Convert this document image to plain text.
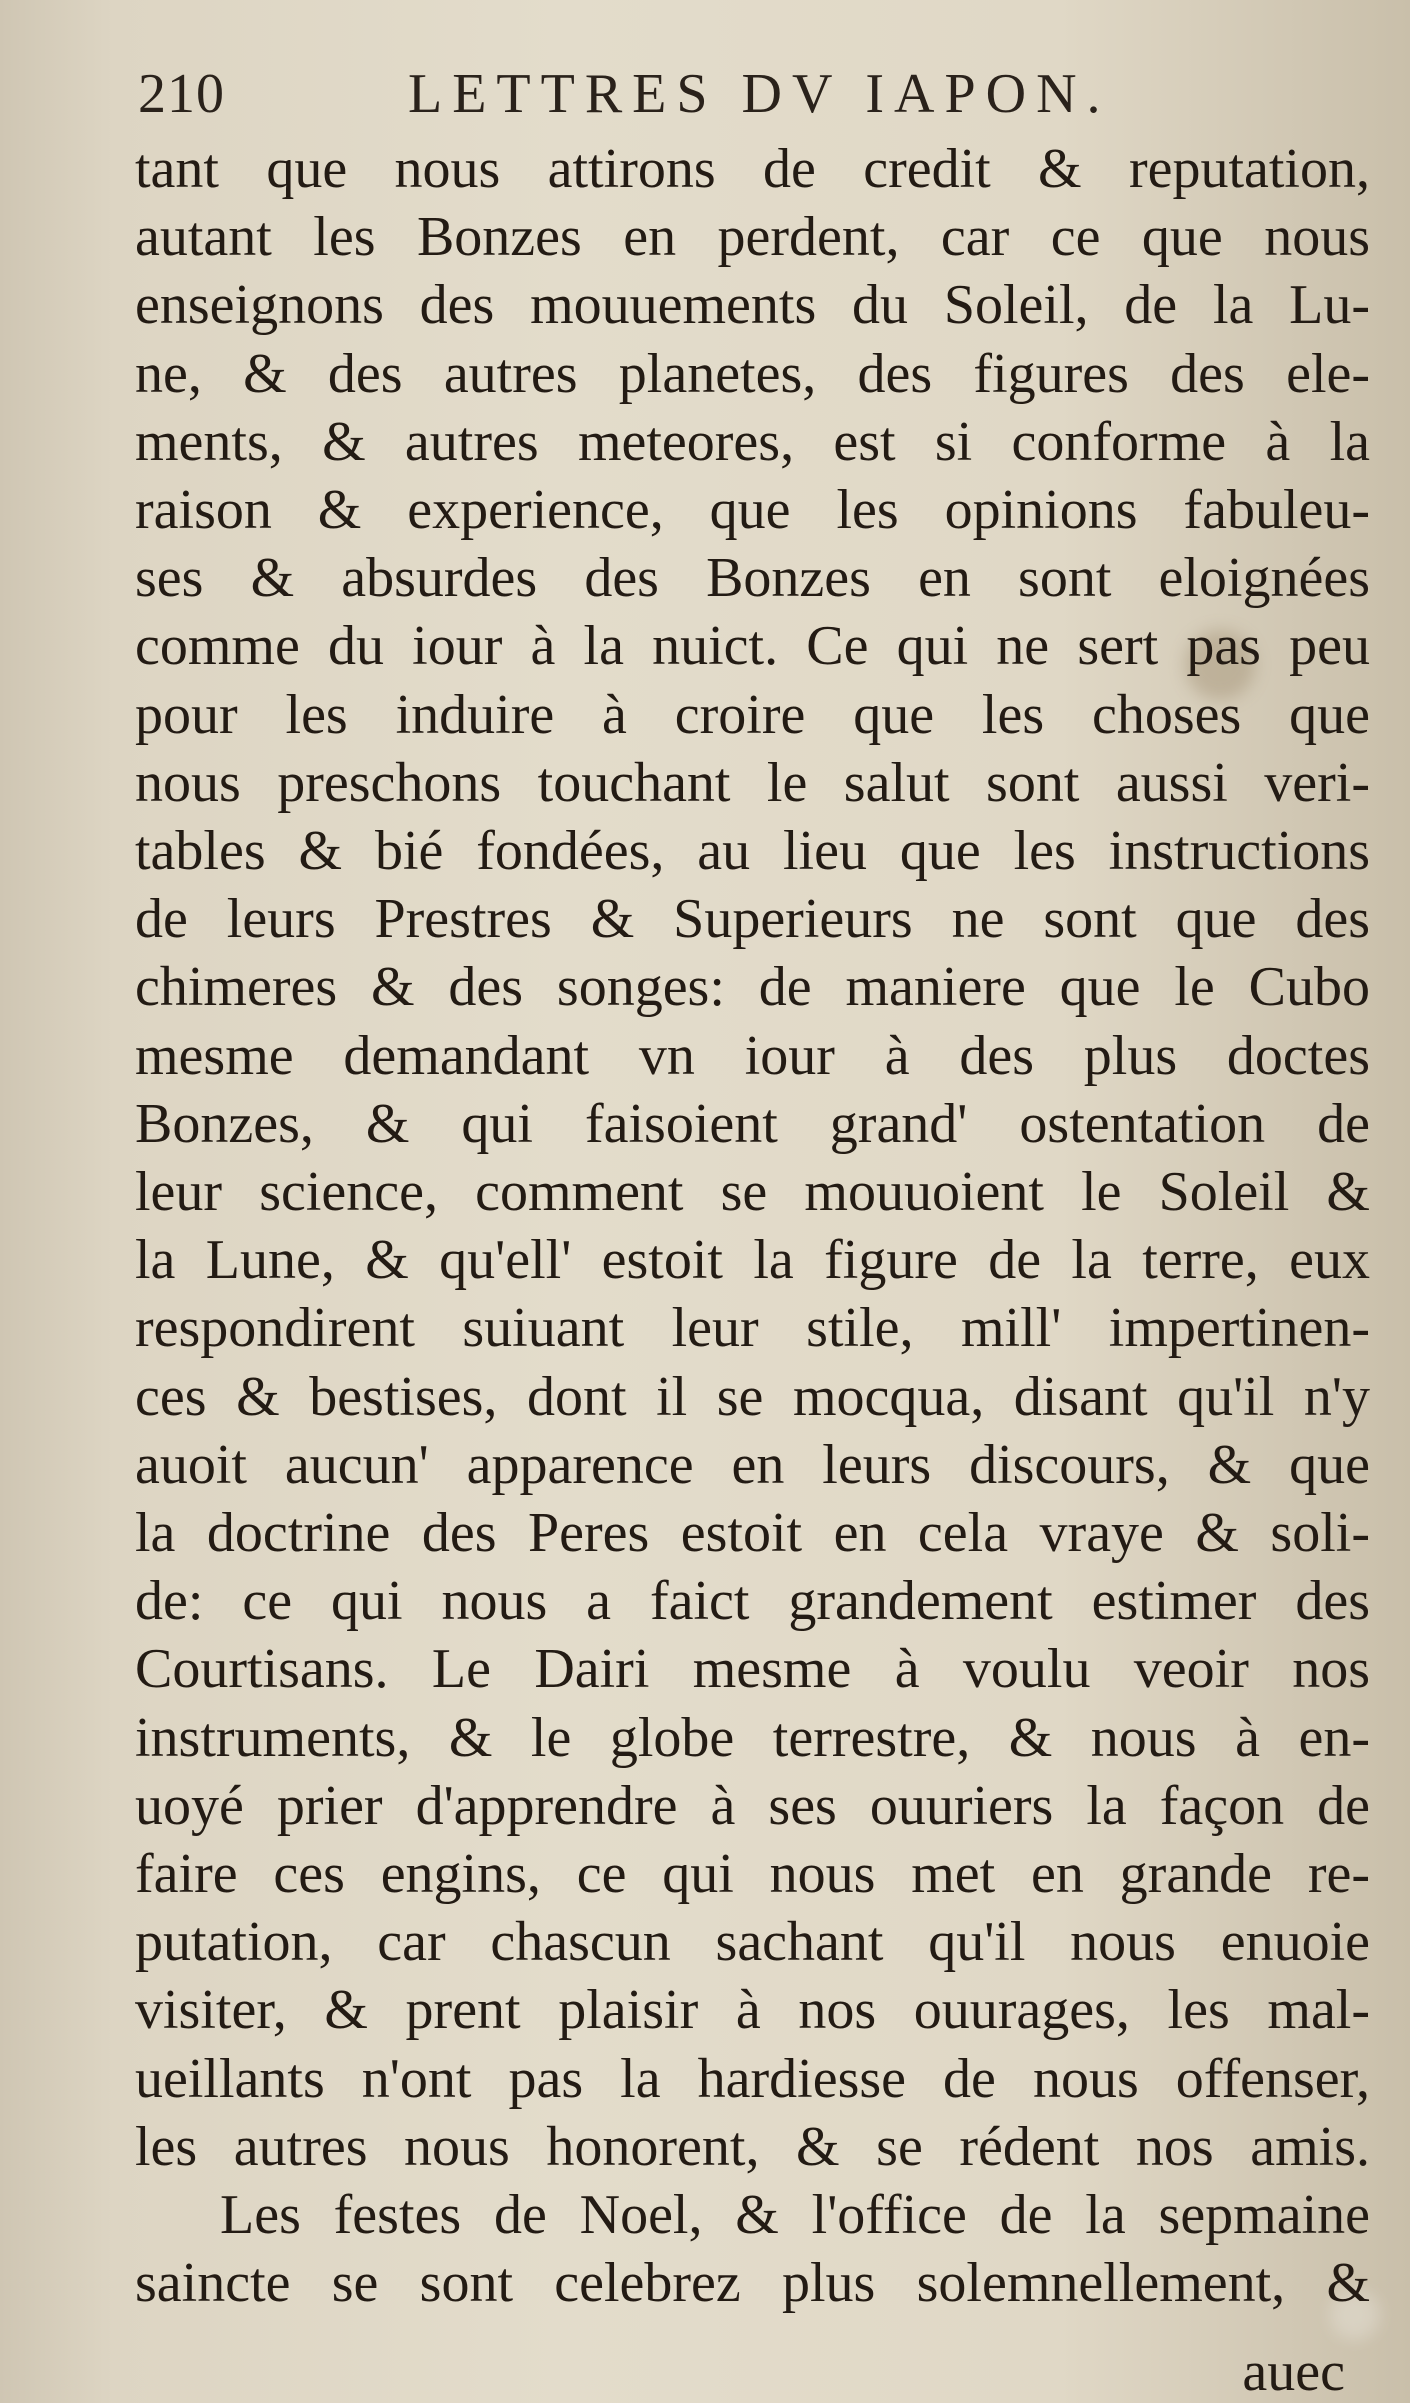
210	LETTRES DV IAPON.
tant que nous attirons de credit & reputation,
autant les Bonzes en perdent, car ce que nous
enseignons des mouuements du Soleil, de la Lu-
ne, & des autres planetes, des figures des ele-
ments, & autres meteores, est si conforme à la
raison & experience, que les opinions fabuleu-
ses & absurdes des Bonzes en sont eloignées
comme du iour à la nuict. Ce qui ne sert pas peu
pour les induire à croire que les choses que
nous preschons touchant le salut sont aussi veri-
tables & bié fondées, au lieu que les instructions
de leurs Prestres & Superieurs ne sont que des
chimeres & des songes: de maniere que le Cubo
mesme demandant vn iour à des plus doctes
Bonzes, & qui faisoient grand' ostentation de
leur science, comment se mouuoient le Soleil &
la Lune, & qu'ell' estoit la figure de la terre, eux
respondirent suiuant leur stile, mill' impertinen-
ces & bestises, dont il se mocqua, disant qu'il n'y
auoit aucun' apparence en leurs discours, & que
la doctrine des Peres estoit en cela vraye & soli-
de: ce qui nous a faict grandement estimer des
Courtisans. Le Dairi mesme à voulu veoir nos
instruments, & le globe terrestre, & nous à en-
uoyé prier d'apprendre à ses ouuriers la façon de
faire ces engins, ce qui nous met en grande re-
putation, car chascun sachant qu'il nous enuoie
visiter, & prent plaisir à nos ouurages, les mal-
ueillants n'ont pas la hardiesse de nous offenser,
les autres nous honorent, & se rédent nos amis.
Les festes de Noel, & l'office de la sepmaine
saincte se sont celebrez plus solemnellement, &
auec
